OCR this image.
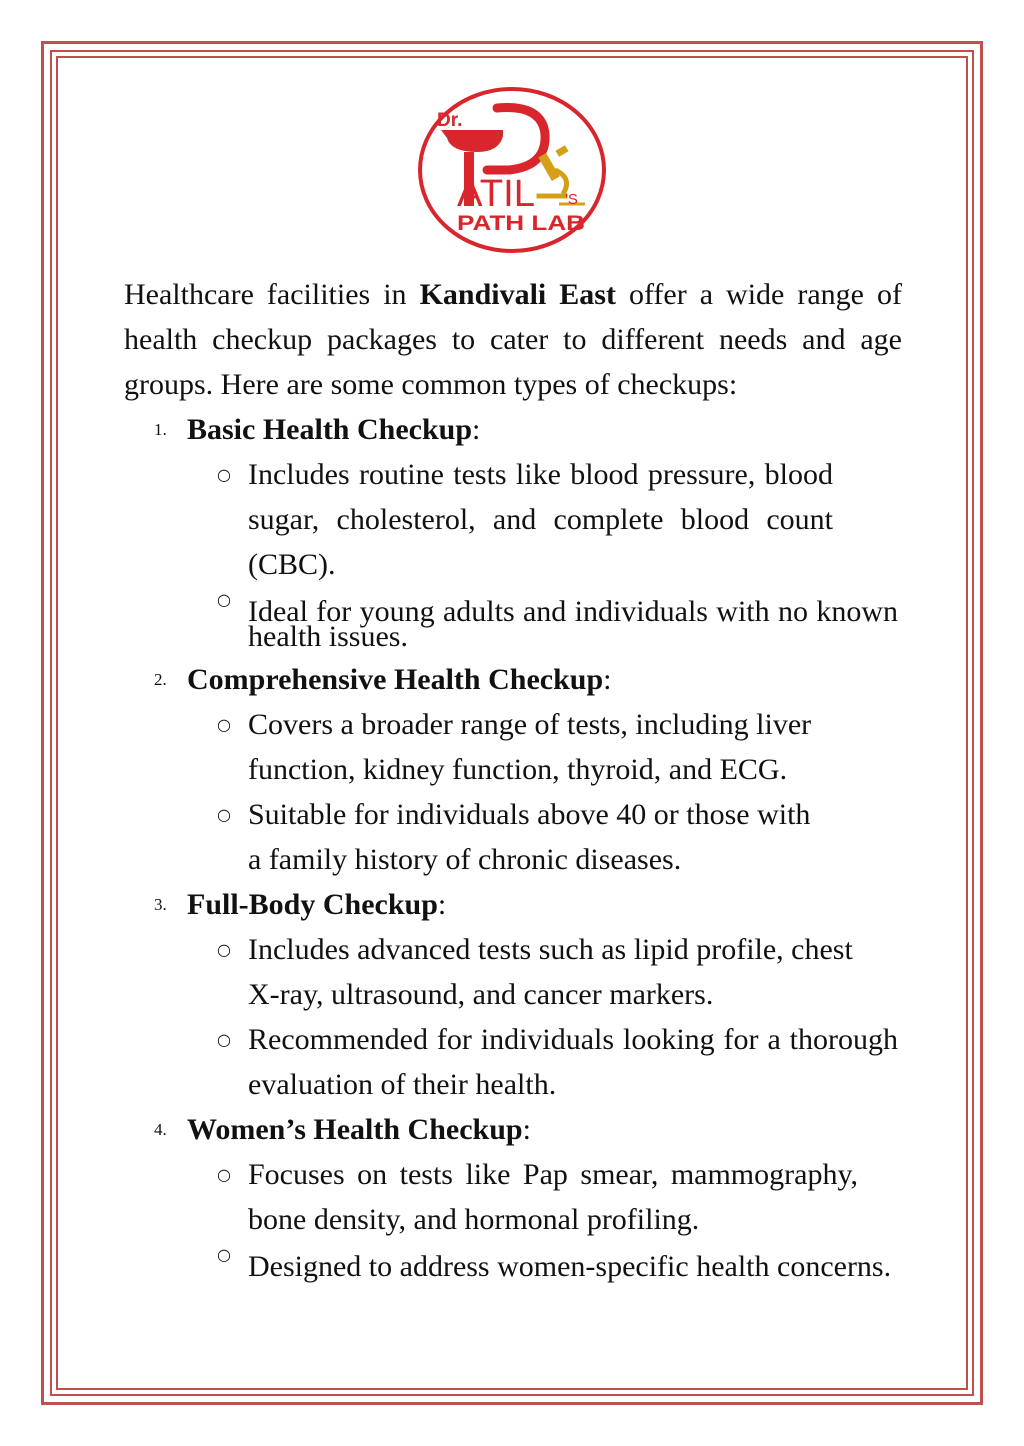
Dr.
ATIL 'S
PATH LAB

Healthcare facilities in Kandivali East offer a wide range of health checkup packages to cater to different needs and age groups. Here are some common types of checkups:

1. Basic Health Checkup:
○ Includes routine tests like blood pressure, blood sugar, cholesterol, and complete blood count (CBC).
○ Ideal for young adults and individuals with no known health issues.
2. Comprehensive Health Checkup:
○ Covers a broader range of tests, including liver function, kidney function, thyroid, and ECG.
○ Suitable for individuals above 40 or those with a family history of chronic diseases.
3. Full-Body Checkup:
○ Includes advanced tests such as lipid profile, chest X-ray, ultrasound, and cancer markers.
○ Recommended for individuals looking for a thorough evaluation of their health.
4. Women’s Health Checkup:
○ Focuses on tests like Pap smear, mammography, bone density, and hormonal profiling.
○ Designed to address women-specific health concerns.
